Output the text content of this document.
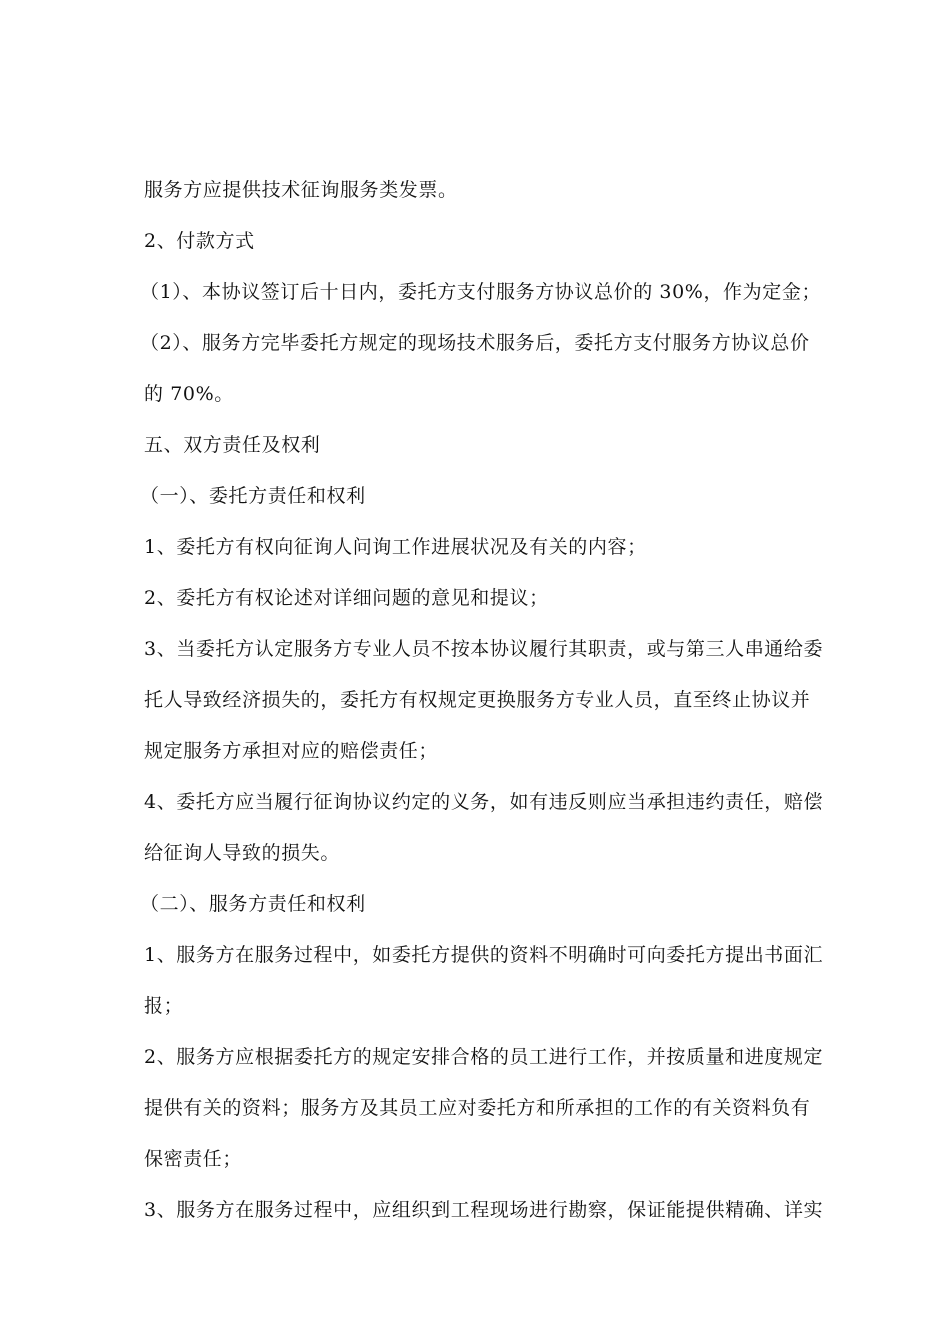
服务方应提供技术征询服务类发票。
2、付款方式
（1）、本协议签订后十日内，委托方支付服务方协议总价的 30%，作为定金；
（2）、服务方完毕委托方规定的现场技术服务后，委托方支付服务方协议总价
的 70%。
五、双方责任及权利
（一）、委托方责任和权利
1、委托方有权向征询人问询工作进展状况及有关的内容；
2、委托方有权论述对详细问题的意见和提议；
3、当委托方认定服务方专业人员不按本协议履行其职责，或与第三人串通给委
托人导致经济损失的，委托方有权规定更换服务方专业人员，直至终止协议并
规定服务方承担对应的赔偿责任；
4、委托方应当履行征询协议约定的义务，如有违反则应当承担违约责任，赔偿
给征询人导致的损失。
（二）、服务方责任和权利
1、服务方在服务过程中，如委托方提供的资料不明确时可向委托方提出书面汇
报；
2、服务方应根据委托方的规定安排合格的员工进行工作，并按质量和进度规定
提供有关的资料；服务方及其员工应对委托方和所承担的工作的有关资料负有
保密责任；
3、服务方在服务过程中，应组织到工程现场进行勘察，保证能提供精确、详实
